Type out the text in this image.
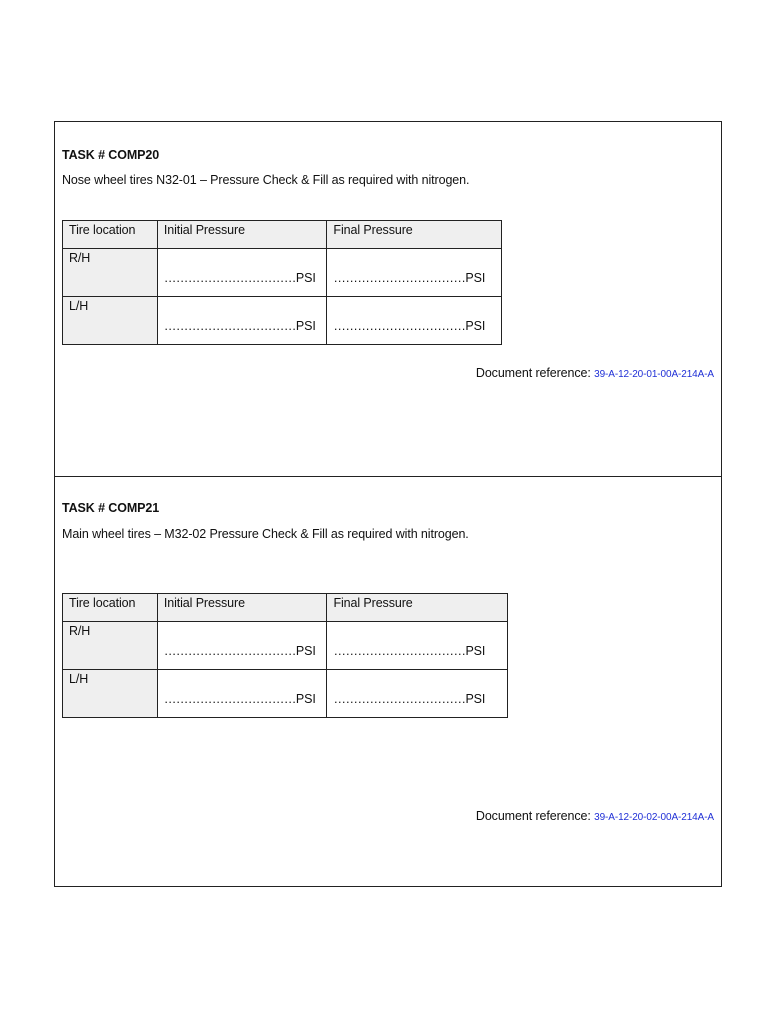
TASK # COMP20
Nose wheel tires N32-01 – Pressure Check & Fill as required with nitrogen.
Tire location	Initial Pressure	Final Pressure
R/H	……………………………PSI	……………………………PSI

L/H	……………………………PSI	……………………………PSI
Document reference: 39-A-12-20-01-00A-214A-A
TASK # COMP21
Main wheel tires – M32-02 Pressure Check & Fill as required with nitrogen.
Tire location	Initial Pressure	Final Pressure
R/H	……………………………PSI	……………………………PSI

L/H	……………………………PSI	……………………………PSI
Document reference: 39-A-12-20-02-00A-214A-A
